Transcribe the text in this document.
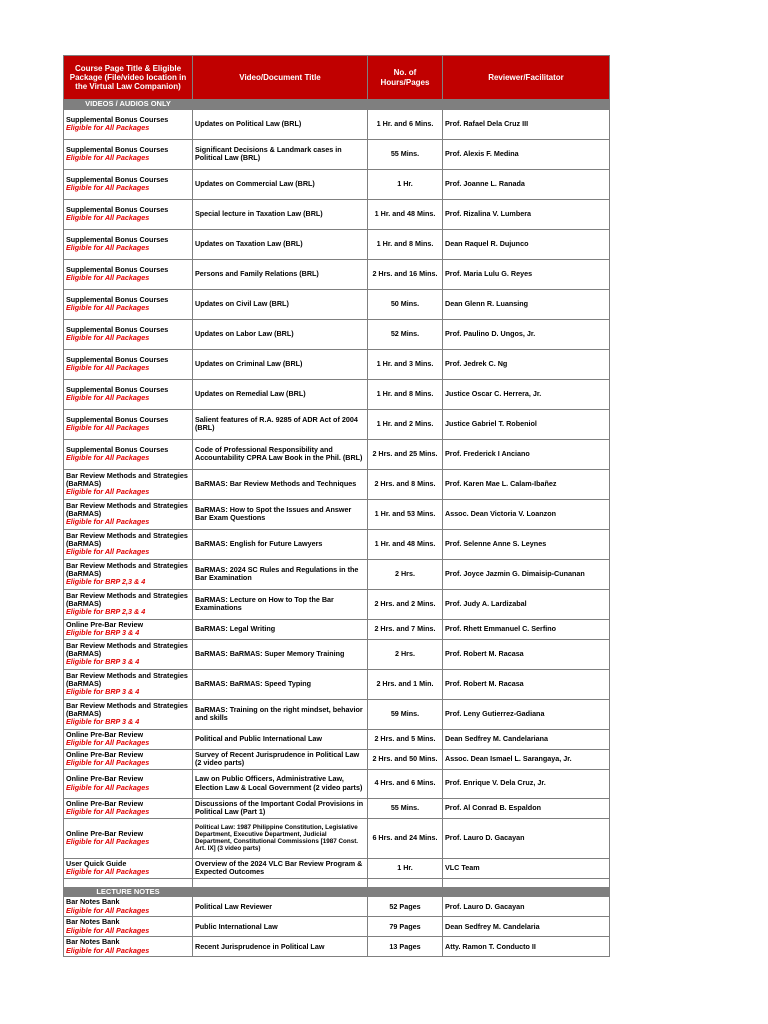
Course Page Title & Eligible Package (File/video location in the Virtual Law Companion)	Video/Document Title	No. of Hours/Pages	Reviewer/Facilitator
VIDEOS / AUDIOS ONLY			

Supplemental Bonus Courses
Eligible for All Packages	Updates on Political Law (BRL)	1 Hr. and 6 Mins.	Prof. Rafael Dela Cruz III

Supplemental Bonus Courses
Eligible for All Packages	Significant Decisions & Landmark cases in Political Law (BRL)	55 Mins.	Prof. Alexis F. Medina

Supplemental Bonus Courses
Eligible for All Packages	Updates on Commercial Law (BRL)	1 Hr.	Prof. Joanne L. Ranada

Supplemental Bonus Courses
Eligible for All Packages	Special lecture in Taxation Law (BRL)	1 Hr. and 48 Mins.	Prof. Rizalina V. Lumbera

Supplemental Bonus Courses
Eligible for All Packages	Updates on Taxation Law (BRL)	1 Hr. and 8 Mins.	Dean Raquel R. Dujunco

Supplemental Bonus Courses
Eligible for All Packages	Persons and Family Relations (BRL)	2 Hrs. and 16 Mins.	Prof. Maria Lulu G. Reyes

Supplemental Bonus Courses
Eligible for All Packages	Updates on Civil Law (BRL)	50 Mins.	Dean Glenn R. Luansing

Supplemental Bonus Courses
Eligible for All Packages	Updates on Labor Law (BRL)	52 Mins.	Prof. Paulino D. Ungos, Jr.

Supplemental Bonus Courses
Eligible for All Packages	Updates on Criminal Law (BRL)	1 Hr. and 3 Mins.	Prof. Jedrek C. Ng

Supplemental Bonus Courses
Eligible for All Packages	Updates on Remedial Law (BRL)	1 Hr. and 8 Mins.	Justice Oscar C. Herrera, Jr.

Supplemental Bonus Courses
Eligible for All Packages	Salient features of R.A. 9285 of ADR Act of 2004 (BRL)	1 Hr. and 2 Mins.	Justice Gabriel T. Robeniol

Supplemental Bonus Courses
Eligible for All Packages	Code of Professional Responsibility and Accountability CPRA Law Book in the Phil. (BRL)	2 Hrs. and 25 Mins.	Prof. Frederick I Anciano

Bar Review Methods and Strategies (BaRMAS)
Eligible for All Packages	BaRMAS: Bar Review Methods and Techniques	2 Hrs. and 8 Mins.	Prof. Karen Mae L. Calam-Ibañez

Bar Review Methods and Strategies (BaRMAS)
Eligible for All Packages	BaRMAS: How to Spot the Issues and Answer Bar Exam Questions	1 Hr. and 53 Mins.	Assoc. Dean Victoria V. Loanzon

Bar Review Methods and Strategies (BaRMAS)
Eligible for All Packages	BaRMAS: English for Future Lawyers	1 Hr. and 48 Mins.	Prof. Selenne Anne S. Leynes

Bar Review Methods and Strategies (BaRMAS)
Eligible for BRP 2,3 & 4	BaRMAS: 2024 SC Rules and Regulations in the Bar Examination	2 Hrs.	Prof. Joyce Jazmin G. Dimaisip-Cunanan

Bar Review Methods and Strategies (BaRMAS)
Eligible for BRP 2,3 & 4	BaRMAS: Lecture on How to Top the Bar Examinations	2 Hrs. and 2 Mins.	Prof. Judy A. Lardizabal

Online Pre-Bar Review
Eligible for BRP 3 & 4	BaRMAS: Legal Writing	2 Hrs. and 7 Mins.	Prof. Rhett Emmanuel C. Serfino

Bar Review Methods and Strategies (BaRMAS)
Eligible for BRP 3 & 4	BaRMAS: BaRMAS: Super Memory Training	2 Hrs.	Prof. Robert M. Racasa

Bar Review Methods and Strategies (BaRMAS)
Eligible for BRP 3 & 4	BaRMAS: BaRMAS: Speed Typing	2 Hrs. and 1 Min.	Prof. Robert M. Racasa

Bar Review Methods and Strategies (BaRMAS)
Eligible for BRP 3 & 4	BaRMAS: Training on the right mindset, behavior and skills	59 Mins.	Prof. Leny Gutierrez-Gadiana

Online Pre-Bar Review
Eligible for All Packages	Political and Public International Law	2 Hrs. and 5 Mins.	Dean Sedfrey M. Candelariana

Online Pre-Bar Review
Eligible for All Packages	Survey of Recent Jurisprudence in Political Law (2 video parts)	2 Hrs. and 50 Mins.	Assoc. Dean Ismael L. Sarangaya, Jr.

Online Pre-Bar Review
Eligible for All Packages	Law on Public Officers, Administrative Law, Election Law & Local Government (2 video parts)	4 Hrs. and 6 Mins.	Prof. Enrique V. Dela Cruz, Jr.

Online Pre-Bar Review
Eligible for All Packages	Discussions of the Important Codal Provisions in Political Law (Part 1)	55 Mins.	Prof. Al Conrad B. Espaldon

Online Pre-Bar Review
Eligible for All Packages	Political Law: 1987 Philippine Constitution, Legislative Department, Executive Department, Judicial Department, Constitutional Commissions [1987 Const. Art. IX] (3 video parts)	6 Hrs. and 24 Mins.	Prof. Lauro D. Gacayan

User Quick Guide
Eligible for All Packages	Overview of the 2024 VLC Bar Review Program & Expected Outcomes	1 Hr.	VLC Team

LECTURE NOTES			

Bar Notes Bank
Eligible for All Packages	Political Law Reviewer	52 Pages	Prof. Lauro D. Gacayan

Bar Notes Bank
Eligible for All Packages	Public International Law	79 Pages	Dean Sedfrey M. Candelaria

Bar Notes Bank
Eligible for All Packages	Recent Jurisprudence in Political Law	13 Pages	Atty. Ramon T. Conducto II
